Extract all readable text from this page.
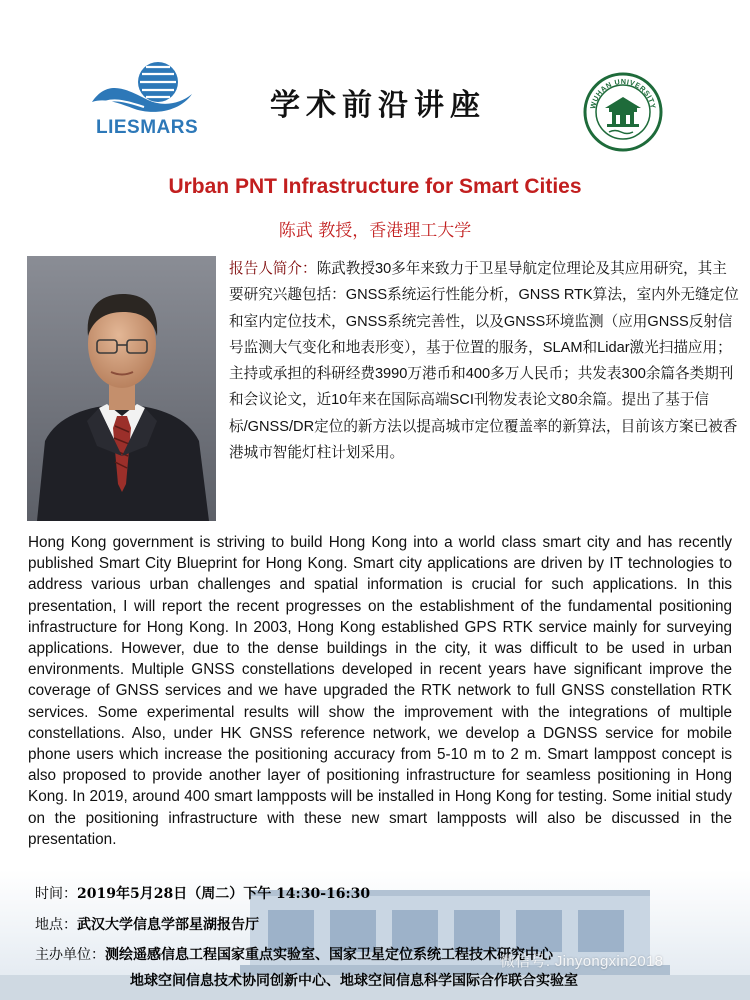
LIESMARS
学术前沿讲座	WUHAN UNIVERSITY
Urban PNT Infrastructure for Smart Cities
陈武 教授，香港理工大学
报告人简介：陈武教授30多年来致力于卫星导航定位理论及其应用研究，其主要研究兴趣包括：GNSS系统运行性能分析，GNSS RTK算法，室内外无缝定位和室内定位技术，GNSS系统完善性，以及GNSS环境监测（应用GNSS反射信号监测大气变化和地表形变），基于位置的服务，SLAM和Lidar激光扫描应用；主持或承担的科研经费3990万港币和400多万人民币；共发表300余篇各类期刊和会议论文，近10年来在国际高端SCI刊物发表论文80余篇。提出了基于信标/GNSS/DR定位的新方法以提高城市定位覆盖率的新算法，目前该方案已被香港城市智能灯柱计划采用。
Hong Kong government is striving to build Hong Kong into a world class smart city and has recently published Smart City Blueprint for Hong Kong. Smart city applications are driven by IT technologies to address various urban challenges and spatial information is crucial for such applications. In this presentation, I will report the recent progresses on the establishment of the fundamental positioning infrastructure for Hong Kong. In 2003, Hong Kong established GPS RTK service mainly for surveying applications. However, due to the dense buildings in the city, it was difficult to be used in urban environments. Multiple GNSS constellations developed in recent years have significant improve the coverage of GNSS services and we have upgraded the RTK network to full GNSS constellation RTK services. Some experimental results will show the improvement with the integrations of multiple constellations. Also, under HK GNSS reference network, we develop a DGNSS service for mobile phone users which increase the positioning accuracy from 5-10 m to 2 m. Smart lamppost concept is also proposed to provide another layer of positioning infrastructure for seamless positioning in Hong Kong. In 2019, around 400 smart lampposts will be installed in Hong Kong for testing. Some initial study on the positioning infrastructure with these new smart lampposts will also be discussed in the presentation.
时间：2019年5月28日（周二）下午 14:30-16:30
地点：武汉大学信息学部星湖报告厅
主办单位：测绘遥感信息工程国家重点实验室、国家卫星定位系统工程技术研究中心
地球空间信息技术协同创新中心、地球空间信息科学国际合作联合实验室
微信号: Jinyongxin2018
